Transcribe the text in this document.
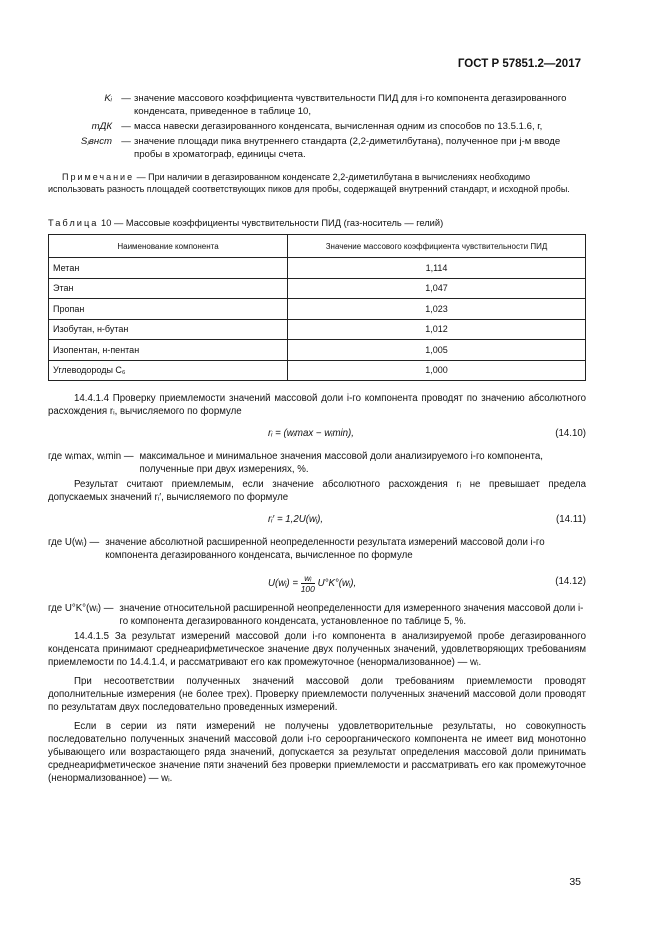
ГОСТ Р 57851.2—2017
Kᵢ — значение массового коэффициента чувствительности ПИД для i-го компонента дегазированного конденсата, приведенное в таблице 10,
mДК — масса навески дегазированного конденсата, вычисленная одним из способов по 13.5.1.6, г,
Sⱼвнст — значение площади пика внутреннего стандарта (2,2-диметилбутана), полученное при j-м вводе пробы в хроматограф, единицы счета.
Примечание — При наличии в дегазированном конденсате 2,2-диметилбутана в вычислениях необходимо использовать разность площадей соответствующих пиков для пробы, содержащей внутренний стандарт, и исходной пробы.
Таблица 10 — Массовые коэффициенты чувствительности ПИД (газ-носитель — гелий)
Наименование компонента	Значение массового коэффициента чувствительности ПИД
Метан	1,114
Этан	1,047
Пропан	1,023
Изобутан, н-бутан	1,012
Изопентан, н-пентан	1,005
Углеводороды C₆	1,000
14.4.1.4 Проверку приемлемости значений массовой доли i-го компонента проводят по значению абсолютного расхождения rᵢ, вычисляемого по формуле
rᵢ = (wᵢmax − wᵢmin),	(14.10)
где wᵢmax, wᵢmin — максимальное и минимальное значения массовой доли анализируемого i-го компонента, полученные при двух измерениях, %.
Результат считают приемлемым, если значение абсолютного расхождения rᵢ не превышает предела допускаемых значений rᵢ′, вычисляемого по формуле
rᵢ′ = 1,2U(wᵢ),	(14.11)
где U(wᵢ) — значение абсолютной расширенной неопределенности результата измерений массовой доли i-го компонента дегазированного конденсата, вычисленное по формуле
U(wᵢ) = $\frac{\text{wᵢ}}{100}$ U°K°(wᵢ),	(14.12)
где U°K°(wᵢ) — значение относительной расширенной неопределенности для измеренного значения массовой доли i-го компонента дегазированного конденсата, установленное по таблице 5, %.
14.4.1.5 За результат измерений массовой доли i-го компонента в анализируемой пробе дегазированного конденсата принимают среднеарифметическое значение двух полученных значений, удовлетворяющих требованиям приемлемости по 14.4.1.4, и рассматривают его как промежуточное (ненормализованное) — wᵢ.
При несоответствии полученных значений массовой доли требованиям приемлемости проводят дополнительные измерения (не более трех). Проверку приемлемости полученных значений массовой доли проводят по результатам двух последовательно проведенных измерений.
Если в серии из пяти измерений не получены удовлетворительные результаты, но совокупность последовательно полученных значений массовой доли i-го сероорганического компонента не имеет вид монотонно убывающего или возрастающего ряда значений, допускается за результат определения массовой доли принимать среднеарифметическое значение пяти значений без проверки приемлемости и рассматривать его как промежуточное (ненормализованное) — wᵢ.
35
